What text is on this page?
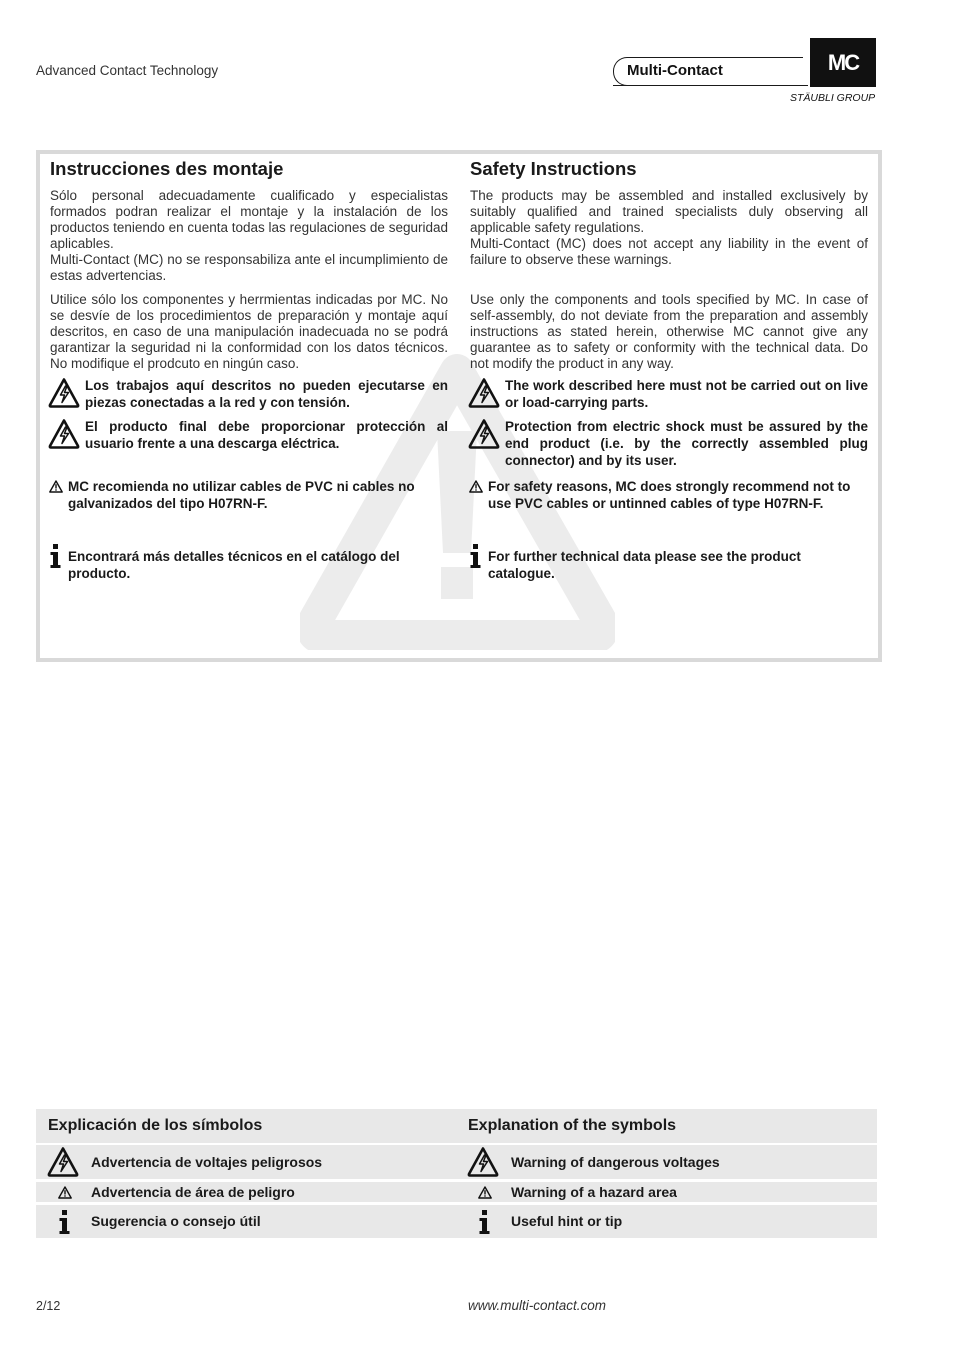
Advanced Contact Technology	Multi-Contact	MC
STÄUBLI GROUP
Instrucciones des montaje

Sólo personal adecuadamente cualificado y especialistas formados podran realizar el montaje y la instalación de los productos teniendo en cuenta todas las regulaciones de seguridad aplicables.

Multi-Contact (MC) no se responsabiliza ante el incumplimiento de estas advertencias.

Utilice sólo los componentes y herrmientas indicadas por MC. No se desvíe de los procedimientos de preparación y montaje aquí descritos, en caso de una manipulación inadecuada no se podrá garantizar la seguridad ni la conformidad con los datos técnicos. No modifique el prodcuto en ningún caso.

Los trabajos aquí descritos no pueden ejecutarse en piezas conectadas a la red y con tensión.
El producto final debe proporcionar protección al usuario frente a una descarga eléctrica.
MC recomienda no utilizar cables de PVC ni cables no galvanizados del tipo H07RN-F.
Encontrará más detalles técnicos en el catálogo del producto.
Safety Instructions

The products may be assembled and installed exclusively by suitably qualified and trained specialists duly observing all applicable safety regulations.

Multi-Contact (MC) does not accept any liability in the event of failure to observe these warnings.

Use only the components and tools specified by MC. In case of self-assembly, do not deviate from the preparation and assembly instructions as stated herein, otherwise MC cannot give any guarantee as to safety or conformity with the technical data. Do not modify the product in any way.

The work described here must not be carried out on live or load-carrying parts.
Protection from electric shock must be assured by the end product (i.e. by the correctly assembled plug connector) and by its user.
For safety reasons, MC does strongly recommend not to use PVC cables or untinned cables of type H07RN-F.
For further technical data please see the product catalogue.
Explicación de los símbolos	Explanation of the symbols
Advertencia de voltajes peligrosos	Warning of dangerous voltages
Advertencia de área de peligro	Warning of a hazard area
Sugerencia o consejo útil	Useful hint or tip
2/12	www.multi-contact.com
